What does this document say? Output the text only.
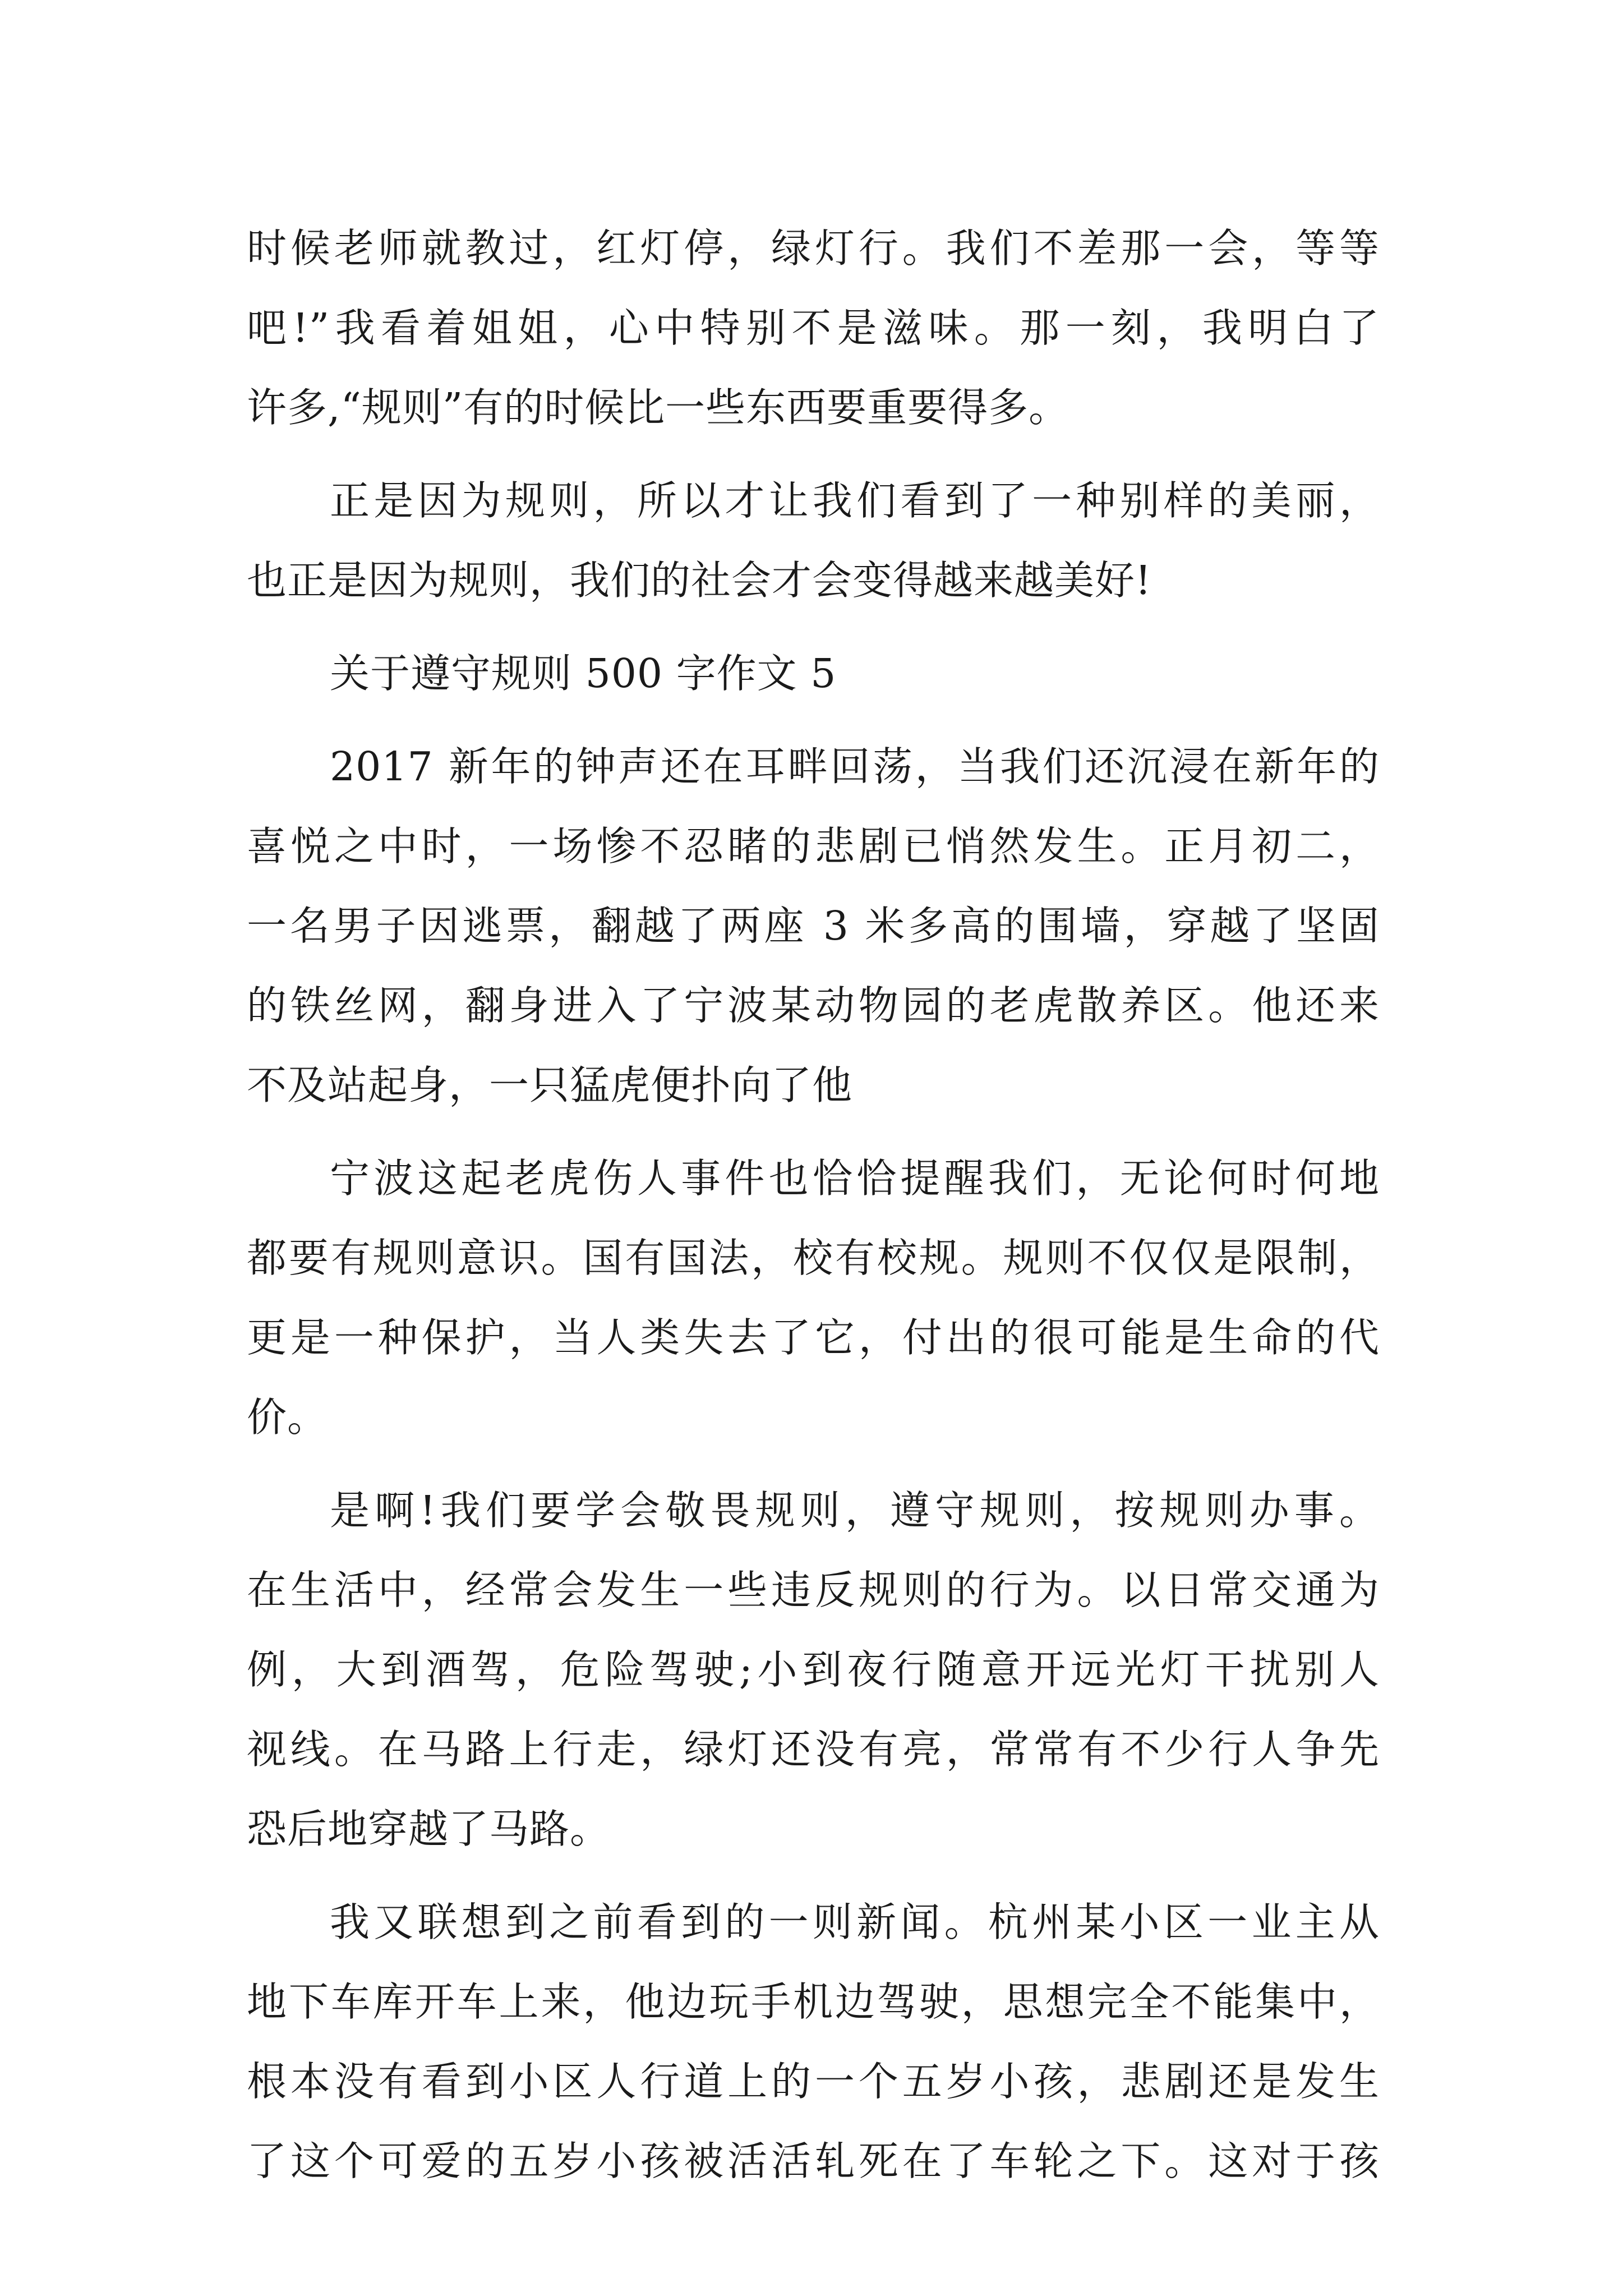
时候老师就教过，红灯停，绿灯行。我们不差那一会，等等
吧!”我看着姐姐，心中特别不是滋味。那一刻，我明白了
许多,“规则”有的时候比一些东西要重要得多。
正是因为规则，所以才让我们看到了一种别样的美丽，
也正是因为规则，我们的社会才会变得越来越美好!
关于遵守规则 500 字作文 5
2017 新年的钟声还在耳畔回荡，当我们还沉浸在新年的
喜悦之中时，一场惨不忍睹的悲剧已悄然发生。正月初二，
一名男子因逃票，翻越了两座 3 米多高的围墙，穿越了坚固
的铁丝网，翻身进入了宁波某动物园的老虎散养区。他还来
不及站起身，一只猛虎便扑向了他
宁波这起老虎伤人事件也恰恰提醒我们，无论何时何地
都要有规则意识。国有国法，校有校规。规则不仅仅是限制，
更是一种保护，当人类失去了它，付出的很可能是生命的代
价。
是啊!我们要学会敬畏规则，遵守规则，按规则办事。
在生活中，经常会发生一些违反规则的行为。以日常交通为
例，大到酒驾，危险驾驶;小到夜行随意开远光灯干扰别人
视线。在马路上行走，绿灯还没有亮，常常有不少行人争先
恐后地穿越了马路。
我又联想到之前看到的一则新闻。杭州某小区一业主从
地下车库开车上来，他边玩手机边驾驶，思想完全不能集中，
根本没有看到小区人行道上的一个五岁小孩，悲剧还是发生
了这个可爱的五岁小孩被活活轧死在了车轮之下。这对于孩
